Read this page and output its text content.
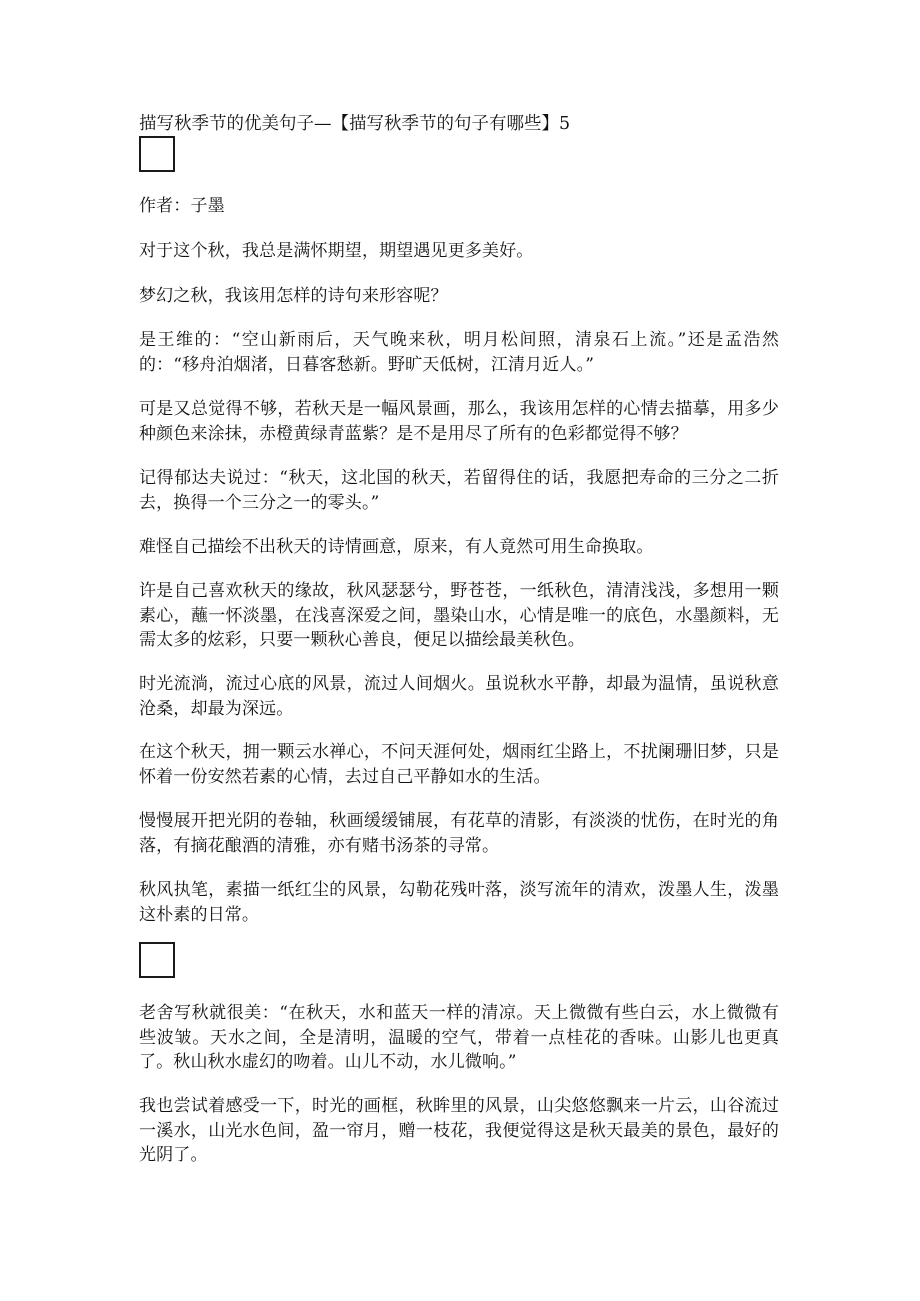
描写秋季节的优美句子—【描写秋季节的句子有哪些】5

作者：子墨

对于这个秋，我总是满怀期望，期望遇见更多美好。

梦幻之秋，我该用怎样的诗句来形容呢？

是王维的：“空山新雨后，天气晚来秋，明月松间照，清泉石上流。”还是孟浩然的：“移舟泊烟渚，日暮客愁新。野旷天低树，江清月近人。”

可是又总觉得不够，若秋天是一幅风景画，那么，我该用怎样的心情去描摹，用多少种颜色来涂抹，赤橙黄绿青蓝紫？是不是用尽了所有的色彩都觉得不够？

记得郁达夫说过：“秋天，这北国的秋天，若留得住的话，我愿把寿命的三分之二折去，换得一个三分之一的零头。”

难怪自己描绘不出秋天的诗情画意，原来，有人竟然可用生命换取。

许是自己喜欢秋天的缘故，秋风瑟瑟兮，野苍苍，一纸秋色，清清浅浅，多想用一颗素心，蘸一怀淡墨，在浅喜深爱之间，墨染山水，心情是唯一的底色，水墨颜料，无需太多的炫彩，只要一颗秋心善良，便足以描绘最美秋色。

时光流淌，流过心底的风景，流过人间烟火。虽说秋水平静，却最为温情，虽说秋意沧桑，却最为深远。

在这个秋天，拥一颗云水禅心，不问天涯何处，烟雨红尘路上，不扰阑珊旧梦，只是怀着一份安然若素的心情，去过自己平静如水的生活。

慢慢展开把光阴的卷轴，秋画缓缓铺展，有花草的清影，有淡淡的忧伤，在时光的角落，有摘花酿酒的清雅，亦有赌书汤茶的寻常。

秋风执笔，素描一纸红尘的风景，勾勒花残叶落，淡写流年的清欢，泼墨人生，泼墨这朴素的日常。

老舍写秋就很美：“在秋天，水和蓝天一样的清凉。天上微微有些白云，水上微微有些波皱。天水之间，全是清明，温暖的空气，带着一点桂花的香味。山影儿也更真了。秋山秋水虚幻的吻着。山儿不动，水儿微响。”

我也尝试着感受一下，时光的画框，秋眸里的风景，山尖悠悠飘来一片云，山谷流过一溪水，山光水色间，盈一帘月，赠一枝花，我便觉得这是秋天最美的景色，最好的光阴了。
